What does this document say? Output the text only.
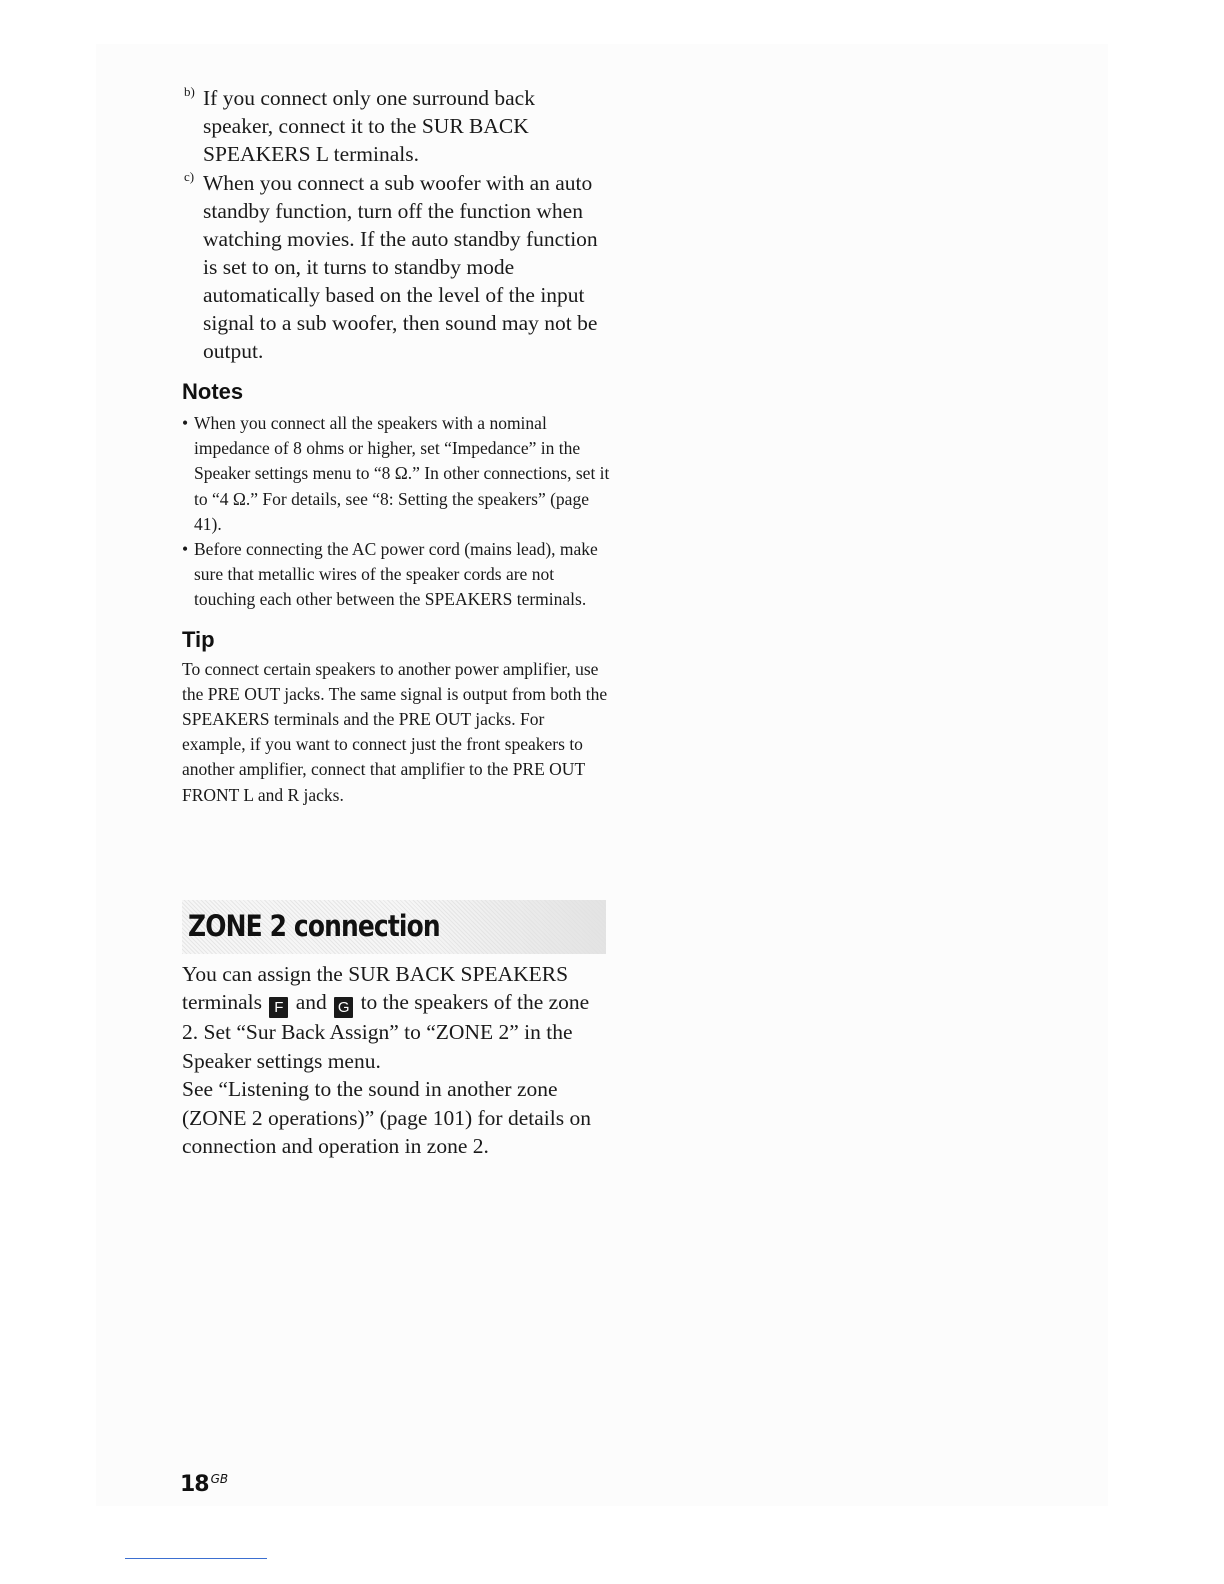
b) If you connect only one surround back speaker, connect it to the SUR BACK SPEAKERS L terminals.

c) When you connect a sub woofer with an auto standby function, turn off the function when watching movies. If the auto standby function is set to on, it turns to standby mode automatically based on the level of the input signal to a sub woofer, then sound may not be output.

Notes
• When you connect all the speakers with a nominal impedance of 8 ohms or higher, set “Impedance” in the Speaker settings menu to “8 Ω.” In other connections, set it to “4 Ω.” For details, see “8: Setting the speakers” (page 41).
• Before connecting the AC power cord (mains lead), make sure that metallic wires of the speaker cords are not touching each other between the SPEAKERS terminals.
Tip

To connect certain speakers to another power amplifier, use the PRE OUT jacks. The same signal is output from both the SPEAKERS terminals and the PRE OUT jacks. For example, if you want to connect just the front speakers to another amplifier, connect that amplifier to the PRE OUT FRONT L and R jacks.

ZONE 2 connection

You can assign the SUR BACK SPEAKERS terminals F and G to the speakers of the zone 2. Set “Sur Back Assign” to “ZONE 2” in the Speaker settings menu.

See “Listening to the sound in another zone (ZONE 2 operations)” (page 101) for details on connection and operation in zone 2.

18 $^{GB}$
